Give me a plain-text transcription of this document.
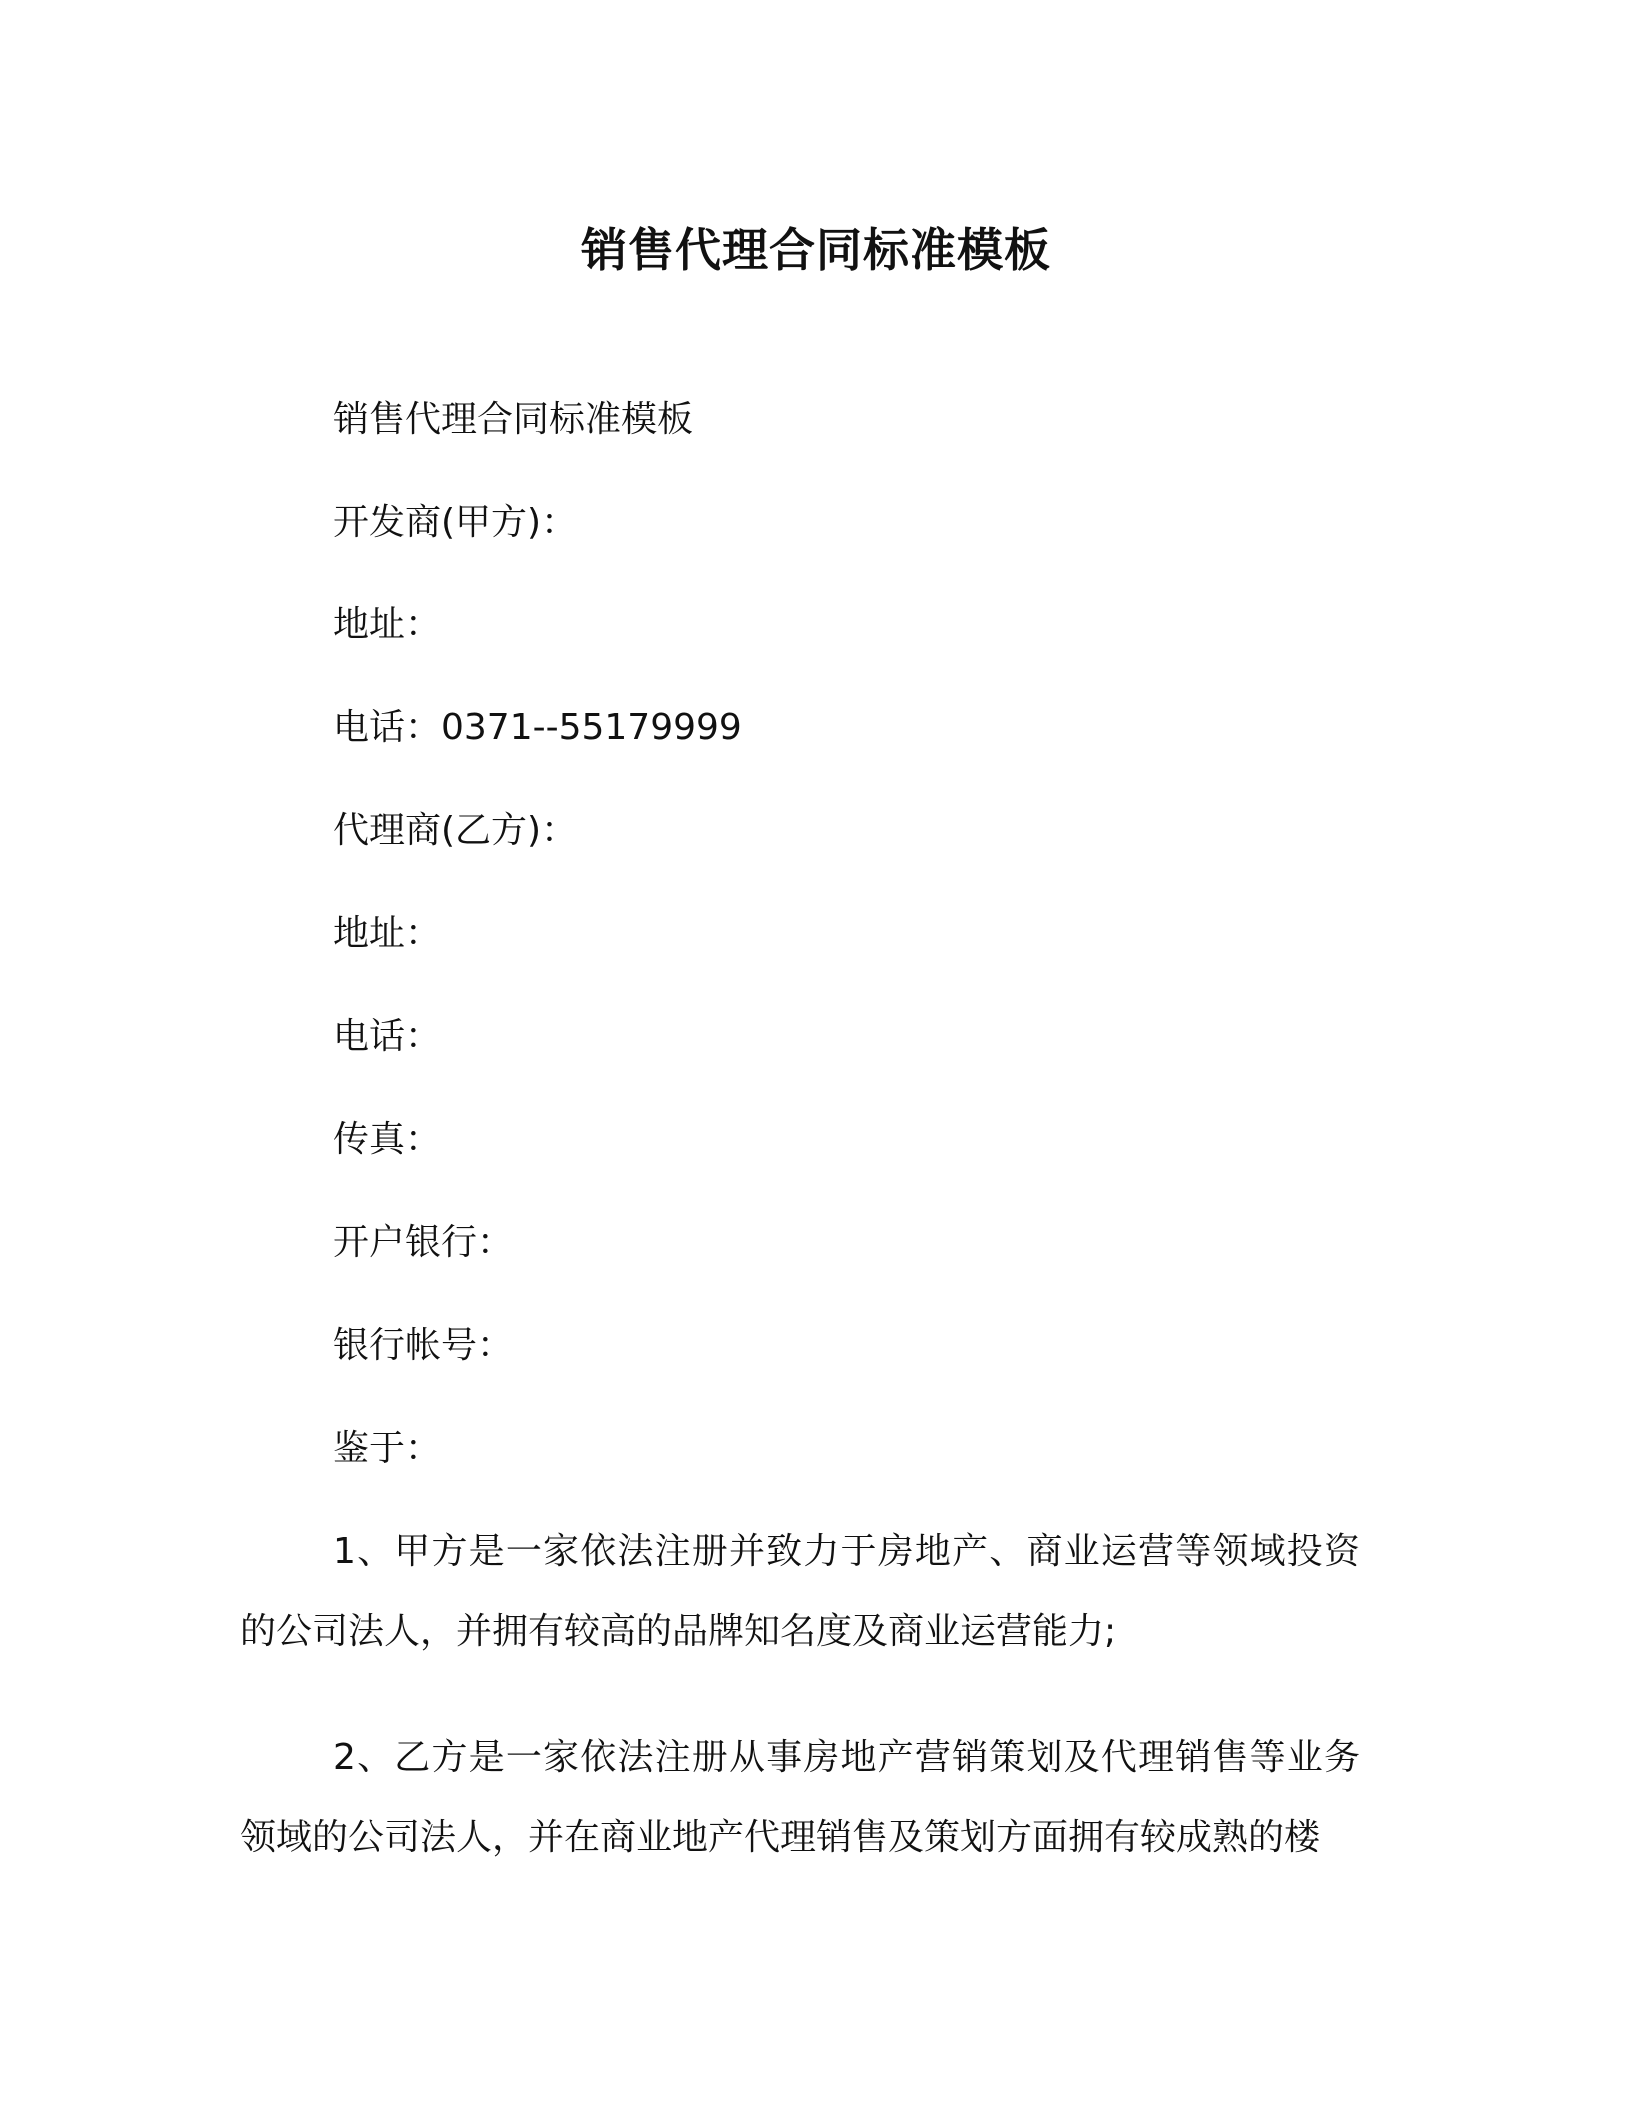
销售代理合同标准模板
销售代理合同标准模板
开发商(甲方)：
地址：
电话：0371--55179999
代理商(乙方)：
地址：
电话：
传真：
开户银行：
银行帐号：
鉴于：
1、甲方是一家依法注册并致力于房地产、商业运营等领域投资的公司法人，并拥有较高的品牌知名度及商业运营能力;
2、乙方是一家依法注册从事房地产营销策划及代理销售等业务领域的公司法人，并在商业地产代理销售及策划方面拥有较成熟的楼
